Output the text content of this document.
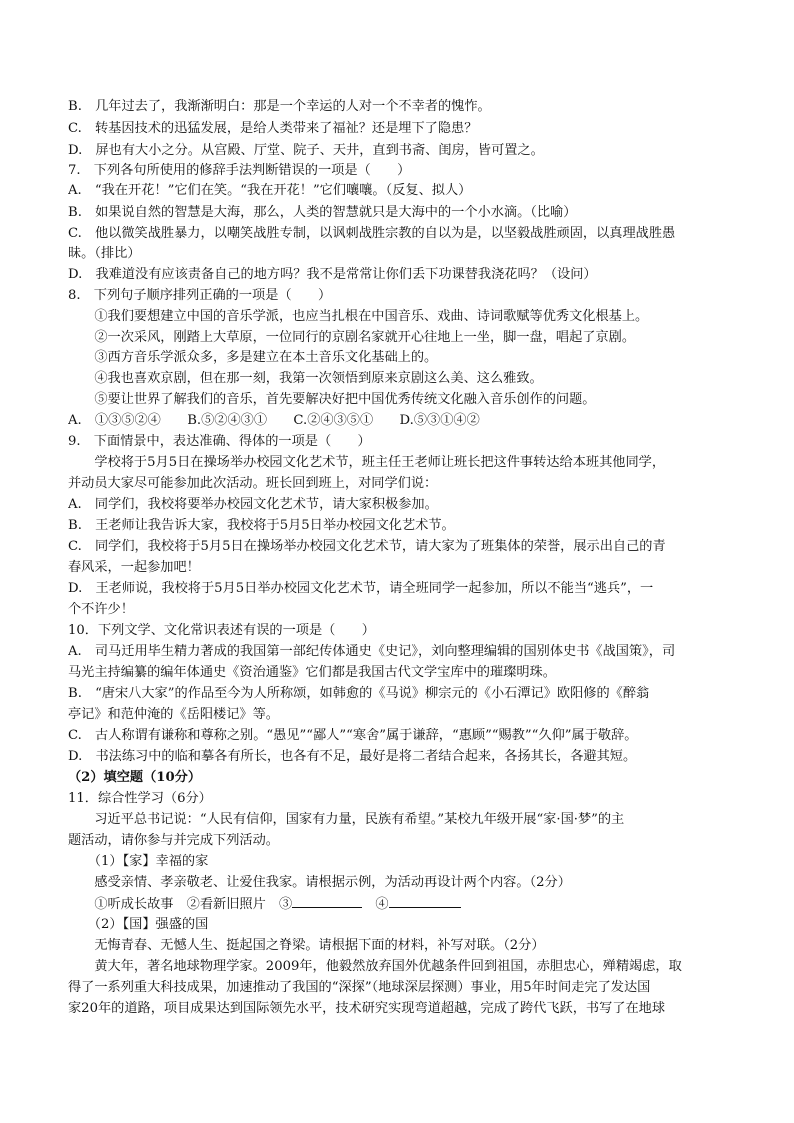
B.　几年过去了，我渐渐明白：那是一个幸运的人对一个不幸者的愧怍。
C.　转基因技术的迅猛发展，是给人类带来了福祉？还是埋下了隐患？
D.　屏也有大小之分。从宫殿、厅堂、院子、天井，直到书斋、闺房，皆可置之。
7.　下列各句所使用的修辞手法判断错误的一项是（　　）
A.　“我在开花！”它们在笑。“我在开花！”它们嚷嚷。（反复、拟人）
B.　如果说自然的智慧是大海，那么，人类的智慧就只是大海中的一个小水滴。（比喻）
C.　他以微笑战胜暴力，以嘲笑战胜专制，以讽刺战胜宗教的自以为是，以坚毅战胜顽固，以真理战胜愚
昧。（排比）
D.　我难道没有应该责备自己的地方吗？我不是常常让你们丢下功课替我浇花吗？（设问）
8.　下列句子顺序排列正确的一项是（　　）
　　①我们要想建立中国的音乐学派，也应当扎根在中国音乐、戏曲、诗词歌赋等优秀文化根基上。
　　②一次采风，刚踏上大草原，一位同行的京剧名家就开心往地上一坐，脚一盘，唱起了京剧。
　　③西方音乐学派众多，多是建立在本土音乐文化基础上的。
　　④我也喜欢京剧，但在那一刻，我第一次领悟到原来京剧这么美、这么雅致。
　　⑤要让世界了解我们的音乐，首先要解决好把中国优秀传统文化融入音乐创作的问题。
A.　①③⑤②④　　B.⑤②④③①　　C.②④③⑤①　　D.⑤③①④②
9.　下面情景中，表达准确、得体的一项是（　　）
　　学校将于5月5日在操场举办校园文化艺术节，班主任王老师让班长把这件事转达给本班其他同学，
并动员大家尽可能参加此次活动。班长回到班上，对同学们说：
A.　同学们，我校将要举办校园文化艺术节，请大家积极参加。
B.　王老师让我告诉大家，我校将于5月5日举办校园文化艺术节。
C.　同学们，我校将于5月5日在操场举办校园文化艺术节，请大家为了班集体的荣誉，展示出自己的青
春风采，一起参加吧！
D.　王老师说，我校将于5月5日举办校园文化艺术节，请全班同学一起参加，所以不能当“逃兵”，一
个不许少！
10．下列文学、文化常识表述有误的一项是（　　）
A.　司马迁用毕生精力著成的我国第一部纪传体通史《史记》，刘向整理编辑的国别体史书《战国策》，司
马光主持编纂的编年体通史《资治通鉴》它们都是我国古代文学宝库中的璀璨明珠。
B.　“唐宋八大家”的作品至今为人所称颂，如韩愈的《马说》柳宗元的《小石潭记》欧阳修的《醉翁
亭记》和范仲淹的《岳阳楼记》等。
C.　古人称谓有谦称和尊称之别。“愚见”“鄙人”“寒舍”属于谦辞，“惠顾”“赐教”“久仰”属于敬辞。
D.　书法练习中的临和摹各有所长，也各有不足，最好是将二者结合起来，各扬其长，各避其短。
（2）填空题（10分）
11．综合性学习（6分）
　　习近平总书记说：“人民有信仰，国家有力量，民族有希望。”某校九年级开展“家·国·梦”的主
题活动，请你参与并完成下列活动。
　　（1）【家】幸福的家
　　感受亲情、孝亲敬老、让爱住我家。请根据示例，为活动再设计两个内容。（2分）
　　①听成长故事　②看新旧照片　③	　④
　　（2）【国】强盛的国
　　无悔青春、无憾人生、挺起国之脊梁。请根据下面的材料，补写对联。（2分）
　　黄大年，著名地球物理学家。2009年，他毅然放弃国外优越条件回到祖国，赤胆忠心，殚精竭虑，取
得了一系列重大科技成果，加速推动了我国的“深探”（地球深层探测）事业，用5年时间走完了发达国
家20年的道路，项目成果达到国际领先水平，技术研究实现弯道超越，完成了跨代飞跃，书写了在地球
